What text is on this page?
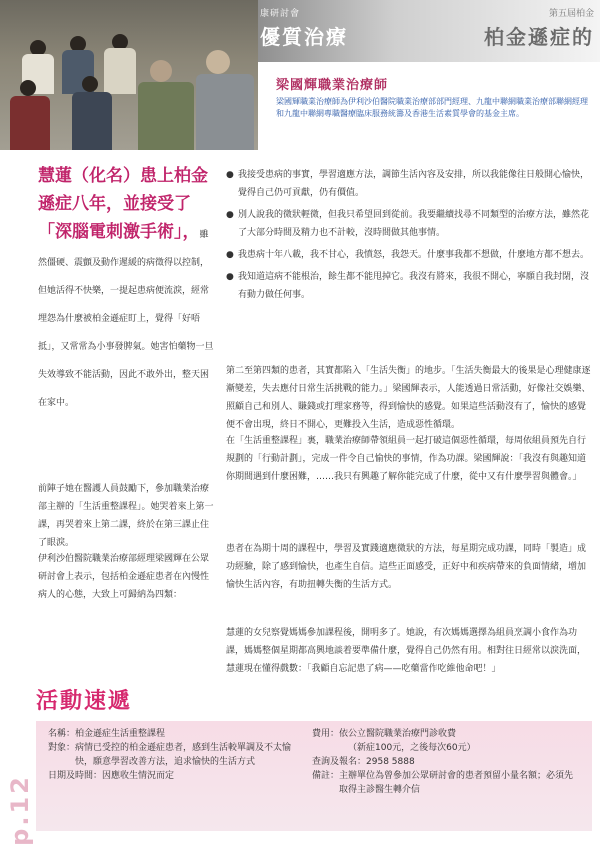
康研討會
優質治療
第五屆柏金
柏金遜症的
梁國輝職業治療師
梁國輝職業治療師為伊利沙伯醫院職業治療部部門經理、九龍中聯網職業治療部聯網經理和九龍中聯網專職醫療臨床服務統籌及香港生活素質學會的基金主席。
慧蓮（化名）患上柏金遜症八年，並接受了「深腦電刺激手術」，雖然僵硬、震顫及動作遲緩的病徵得以控制，但她活得不快樂，一提起患病便流淚，經常埋怨為什麼被柏金遜症盯上，覺得「好唔抵」，又常常為小事發脾氣。她害怕藥物一旦失效導致不能活動，因此不敢外出，整天困在家中。

前陣子她在醫護人員鼓勵下，參加職業治療部主辦的「生活重整課程」。她哭着來上第一課，再哭着來上第二課，終於在第三課止住了眼淚。

伊利沙伯醫院職業治療部經理梁國輝在公眾研討會上表示，包括柏金遜症患者在內慢性病人的心態，大致上可歸納為四類：

● 我接受患病的事實，學習適應方法，調節生活內容及安排，所以我能像往日般開心愉快，覺得自己仍可貢獻，仍有價值。
● 別人說我的微狀輕微，但我只希望回到從前。我要繼續找尋不同類型的治療方法，雖然花了大部分時間及精力也不計較，沒時間做其他事情。
● 我患病十年八載，我不甘心，我憤怒，我怨天。什麼事我都不想做，什麼地方都不想去。
● 我知道這病不能根治，餘生都不能甩掉它。我沒有將來，我很不開心，寧願自我封閉，沒有動力做任何事。

第二至第四類的患者，其實都陷入「生活失衡」的地步。「生活失衡最大的後果是心理健康逐漸變差，失去應付日常生活挑戰的能力。」梁國輝表示，人能透過日常活動，好像社交娛樂、照顧自己和別人、賺錢或打理家務等，得到愉快的感覺。如果這些活動沒有了，愉快的感覺便不會出現，終日不開心，更難投入生活，造成惡性循環。

在「生活重整課程」裏，職業治療師帶領組員一起打破這個惡性循環，每周依組員預先自行規劃的「行動計劃」，完成一件令自己愉快的事情，作為功課。梁國輝說：「我沒有與趣知道你期間遇到什麼困難，……我只有興趣了解你能完成了什麼，從中又有什麼學習與體會。」

患者在為期十周的課程中，學習及實踐適應微狀的方法，每星期完成功課，同時「製造」成功經驗，除了感到愉快，也產生自信。這些正面感受，正好中和疾病帶來的負面情緒，增加愉快生活內容，有助扭轉失衡的生活方式。

慧蓮的女兒察覺媽媽參加課程後，開明多了。她說，有次媽媽選擇為組員烹調小食作為功課，媽媽整個星期都高興地談着要準備什麼，覺得自己仍然有用。相對往日經常以淚洗面，慧蓮現在懂得戲數：「我顧自忘記患了病——吃藥當作吃維他命吧！」

活動速遞
名稱： 柏金遜症生活重整課程
對象： 病情已受控的柏金遜症患者，感到生活較單調及不太愉快，願意學習改善方法，追求愉快的生活方式
日期及時間： 因應收生情況而定
費用： 依公立醫院職業治療門診收費
（新症100元，之後每次60元）
查詢及報名： 2958 5888
備註： 主辦單位為曾參加公眾研討會的患者預留小量名額；必須先取得主診醫生轉介信
p.12
